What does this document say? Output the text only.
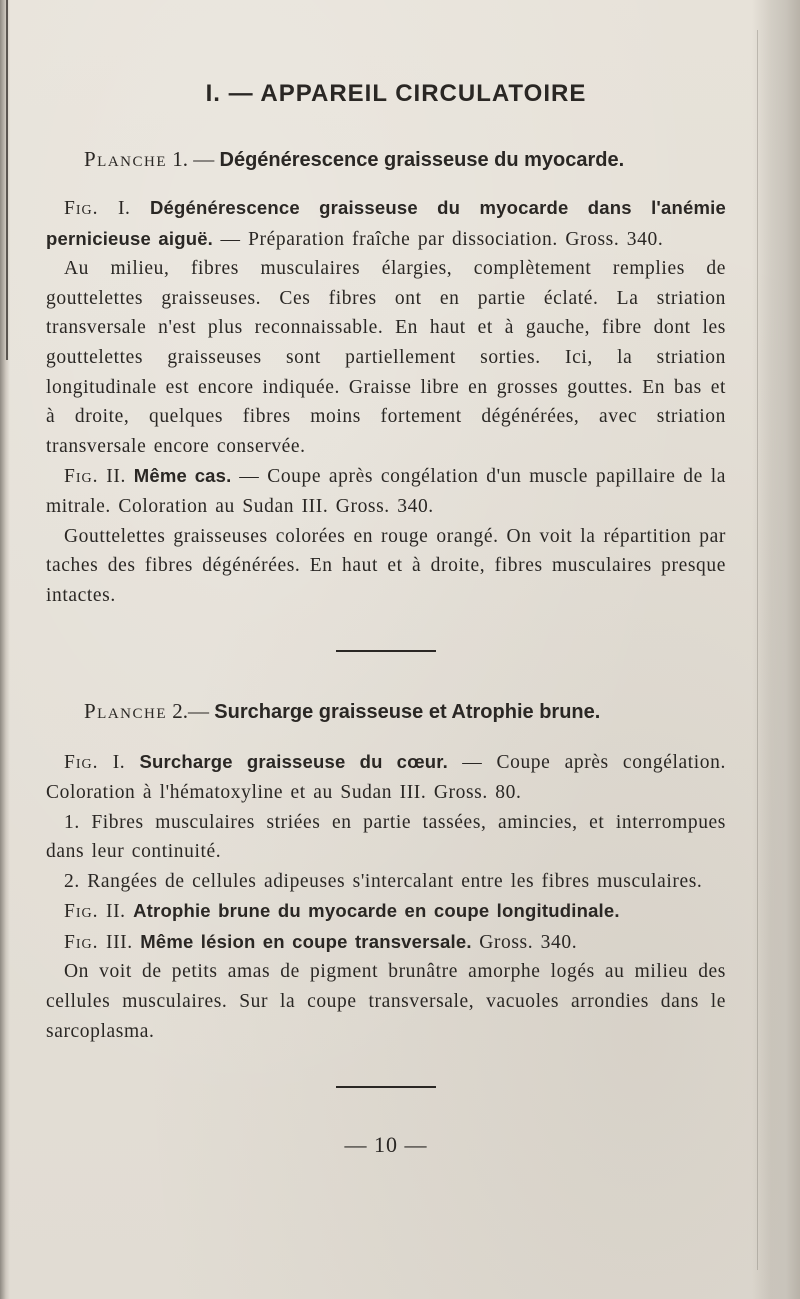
I. — APPAREIL CIRCULATOIRE
Planche 1. — Dégénérescence graisseuse du myocarde.

Fig. I. Dégénérescence graisseuse du myocarde dans l'anémie pernicieuse aiguë. — Préparation fraîche par dissociation. Gross. 340.

Au milieu, fibres musculaires élargies, complètement remplies de gouttelettes graisseuses. Ces fibres ont en partie éclaté. La striation transversale n'est plus reconnaissable. En haut et à gauche, fibre dont les gouttelettes graisseuses sont partiellement sorties. Ici, la striation longitudinale est encore indiquée. Graisse libre en grosses gouttes. En bas et à droite, quelques fibres moins fortement dégénérées, avec striation transversale encore conservée.

Fig. II. Même cas. — Coupe après congélation d'un muscle papillaire de la mitrale. Coloration au Sudan III. Gross. 340.

Gouttelettes graisseuses colorées en rouge orangé. On voit la répartition par taches des fibres dégénérées. En haut et à droite, fibres musculaires presque intactes.

Planche 2.— Surcharge graisseuse et Atrophie brune.

Fig. I. Surcharge graisseuse du cœur. — Coupe après congélation. Coloration à l'hématoxyline et au Sudan III. Gross. 80.

1. Fibres musculaires striées en partie tassées, amincies, et interrompues dans leur continuité.

2. Rangées de cellules adipeuses s'intercalant entre les fibres musculaires.

Fig. II. Atrophie brune du myocarde en coupe longitudinale.

Fig. III. Même lésion en coupe transversale. Gross. 340.

On voit de petits amas de pigment brunâtre amorphe logés au milieu des cellules musculaires. Sur la coupe transversale, vacuoles arrondies dans le sarcoplasma.

— 10 —
